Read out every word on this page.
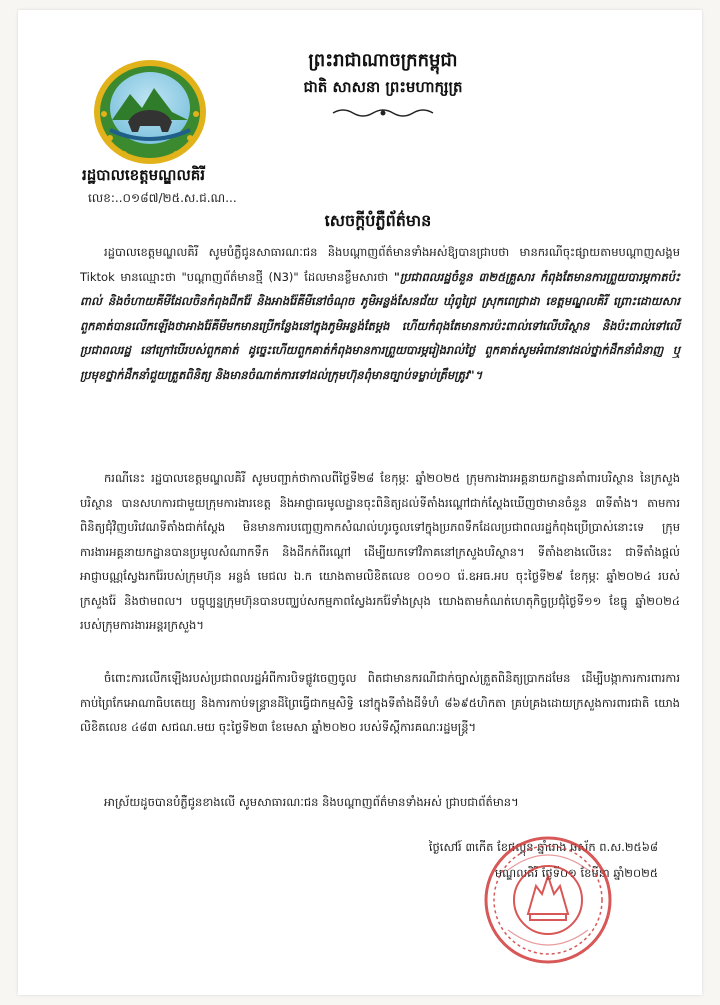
រដ្ឋបាលខេត្តមណ្ឌលគិរី
លេខ:..០១៨៧/២៥.ស.ជ.ណ...
ព្រះរាជាណាចក្រកម្ពុជា
ជាតិ សាសនា ព្រះមហាក្សត្រ
សេចក្ដីបំភ្លឺព័ត៌មាន

រដ្ឋបាលខេត្តមណ្ឌលគិរី សូមបំភ្លឺជូនសាធារណៈជន និងបណ្ដាញព័ត៌មានទាំងអស់ឱ្យបានជ្រាបថា មានករណីចុះផ្សាយតាមបណ្ដាញសង្គម Tiktok មានឈ្មោះថា "បណ្ដាញព័ត៌មានថ្មី (N3)" ដែលមានខ្លឹមសារថា "ប្រជាពលរដ្ឋចំនួន ៣២៥គ្រួសារ កំពុងតែមានការព្រួយបារម្ភកាតប៉ះពាល់ និងចំហាយគីមីដែលចិនកំពុងជីករ៉ែ និងអាងរ៉ែគីមីនៅចំណុច ភូមិអន្លង់សែនជ័យ ឃុំពូជ្រៃ ស្រុកពេជ្រាដា ខេត្តមណ្ឌលគិរី ព្រោះដោយសារពួកគាត់បានលើកឡើងថាអាងរ៉ែគីមីមកមានប្រើកន្លែងនៅក្នុងភូមិអន្លង់តែម្ដង ហើយកំពុងតែមានការប៉ះពាល់ទៅលើបរិស្ថាន និងប៉ះពាល់ទៅលើប្រជាពលរដ្ឋ នៅក្រៅបើរបស់ពួកគាត់ ដូច្នេះហើយពួកគាត់កំពុងមានការព្រួយបារម្ភរៀងរាល់ថ្ងៃ ពួកគាត់សូមអំពាវនាវដល់ថ្នាក់ដឹកនាំជំនាញ ឬប្រមុខថ្នាក់ដឹកនាំជួយត្រួតពិនិត្យ និងមានចំណាត់ការទៅដល់ក្រុមហ៊ុនពុំមានច្បាប់ទម្លាប់ត្រឹមត្រូវ"។

ករណីនេះ រដ្ឋបាលខេត្តមណ្ឌលគិរី សូមបញ្ជាក់ថាកាលពីថ្ងៃទី២៨ ខែកុម្ភៈ ឆ្នាំ២០២៥ ក្រុមការងារអគ្គនាយកដ្ឋានគាំពារបរិស្ថាន នៃក្រសួងបរិស្ថាន បានសហការជាមួយក្រុមការងារខេត្ត និងអាជ្ញាធរមូលដ្ឋានចុះពិនិត្យដល់ទីតាំងរណ្ដៅជាក់ស្ដែងឃើញថាមានចំនួន ៣ទីតាំង។ តាមការពិនិត្យជុំវិញបរិវេណទីតាំងជាក់ស្ដែង មិនមានការបញ្ចេញកាកសំណល់ហូរចូលទៅក្នុងប្រភពទឹកដែលប្រជាពលរដ្ឋកំពុងប្រើប្រាស់នោះទេ ក្រុមការងារអគ្គនាយកដ្ឋានបានប្រមូលសំណាកទឹក និងដីកក់ពីរណ្ដៅ ដើម្បីយកទៅវិភាគនៅក្រសួងបរិស្ថាន។ ទីតាំងខាងលើនេះ ជាទីតាំងផ្ដល់អាជ្ញាបណ្ណស្វែងរករ៉ែរបស់ក្រុមហ៊ុន អន្លង់ មេជល ឯ.ក យោងតាមលិខិតលេខ ០០១០ រ៉េ.ឧអធ.អប ចុះថ្ងៃទី២៩ ខែកុម្ភៈ ឆ្នាំ២០២៤ របស់ក្រសួងរ៉ែ និងថាមពល។ បច្ចុប្បន្នក្រុមហ៊ុនបានបញ្ឈប់សកម្មភាពស្វែងរករ៉ែទាំងស្រុង យោងតាមកំណត់ហេតុកិច្ចប្រជុំថ្ងៃទី១១ ខែធ្នូ ឆ្នាំ២០២៤ របស់ក្រុមការងារអន្តរក្រសួង។

ចំពោះការលើកឡើងរបស់ប្រជាពលរដ្ឋអំពីការបិទផ្លូវចេញចូល ពិតជាមានករណីជាក់ច្បាស់ត្រួតពិនិត្យប្រាកដមែន ដើម្បីបង្កាការការពារការកាប់ព្រៃកែអោណាធិបតេយ្យ និងការកាប់ទន្ទ្រានដីព្រៃធ្វើជាកម្មសិទ្ធិ នៅក្នុងទីតាំងដីទំហំ ៨៦៩៥ហិកតា គ្រប់គ្រងដោយក្រសួងការពារជាតិ យោងលិខិតលេខ ៤៨៣ សជណ.មយ ចុះថ្ងៃទី២៣ ខែមេសា ឆ្នាំ២០២០ របស់ទីស្ដីការគណៈរដ្ឋមន្ត្រី។

អាស្រ័យដូចបានបំភ្លឺជូនខាងលើ សូមសាធារណៈជន និងបណ្ដាញព័ត៌មានទាំងអស់ ជ្រាបជាព័ត៌មាន។

ថ្ងៃសៅរ៍ ៣កើត ខែផល្គុន ឆ្នាំរោង ឆស័ក ព.ស.២៥៦៨
មណ្ឌលគិរី ថ្ងៃទី០១ ខែមីនា ឆ្នាំ២០២៥
